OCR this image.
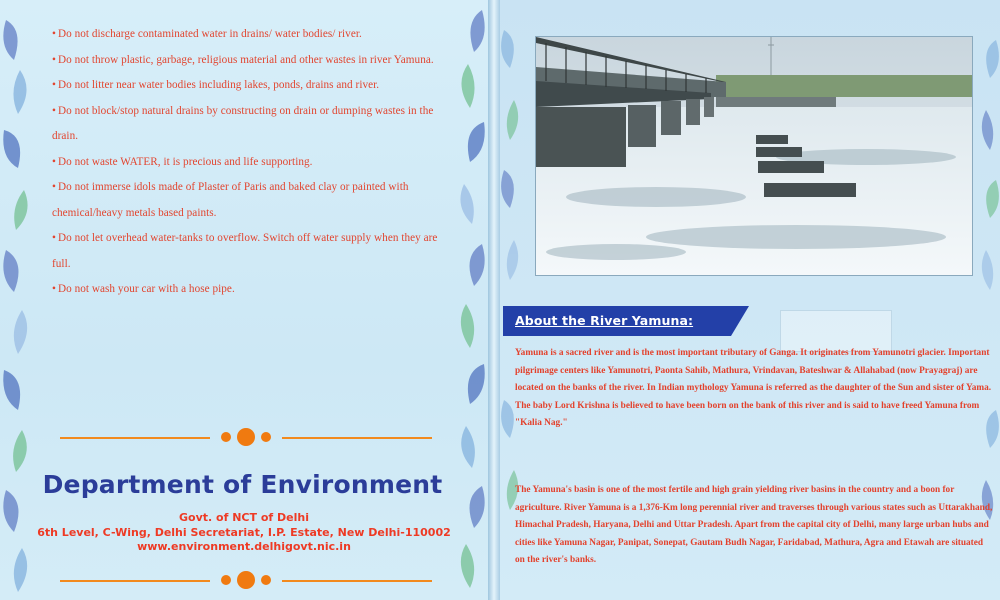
• Do not discharge contaminated water in drains/ water bodies/ river.
• Do not throw plastic, garbage, religious material and other wastes in river Yamuna.
• Do not litter near water bodies including lakes, ponds, drains and river.
• Do not block/stop natural drains by constructing on drain or dumping wastes in the drain.
• Do not waste WATER, it is precious and life supporting.
• Do not immerse idols made of Plaster of Paris and baked clay or painted with chemical/heavy metals based paints.
• Do not let overhead water-tanks to overflow. Switch off water supply when they are full.
• Do not wash your car with a hose pipe.
Department of Environment
Govt. of NCT of Delhi
6th Level, C-Wing, Delhi Secretariat, I.P. Estate, New Delhi-110002
www.environment.delhigovt.nic.in
About the River Yamuna:

Yamuna is a sacred river and is the most important tributary of Ganga. It originates from Yamunotri glacier. Important pilgrimage centers like Yamunotri, Paonta Sahib, Mathura, Vrindavan, Bateshwar & Allahabad (now Prayagraj) are located on the banks of the river. In Indian mythology Yamuna is referred as the daughter of the Sun and sister of Yama. The baby Lord Krishna is believed to have been born on the bank of this river and is said to have freed Yamuna from "Kalia Nag."

The Yamuna's basin is one of the most fertile and high grain yielding river basins in the country and a boon for agriculture. River Yamuna is a 1,376-Km long perennial river and traverses through various states such as Uttarakhand, Himachal Pradesh, Haryana, Delhi and Uttar Pradesh. Apart from the capital city of Delhi, many large urban hubs and cities like Yamuna Nagar, Panipat, Sonepat, Gautam Budh Nagar, Faridabad, Mathura, Agra and Etawah are situated on the river's banks.
